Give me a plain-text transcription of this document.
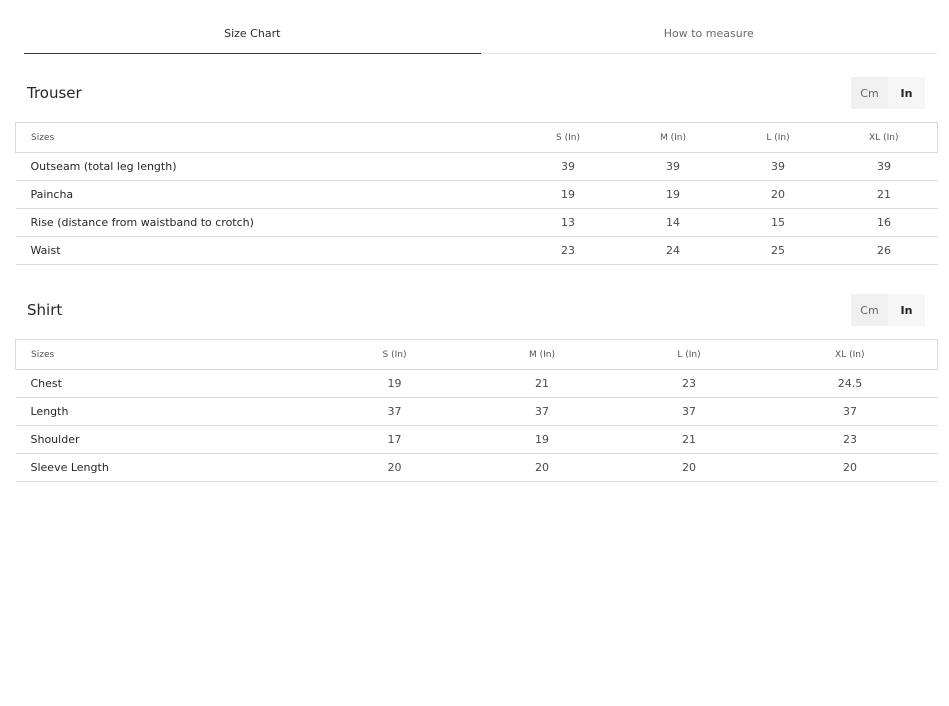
Size Chart	How to measure
Trouser	Cm	In
Sizes	S (In)	M (In)	L (In)	XL (In)
Outseam (total leg length)	39	39	39	39
Paincha	19	19	20	21
Rise (distance from waistband to crotch)	13	14	15	16
Waist	23	24	25	26
Shirt	Cm	In
Sizes	S (In)	M (In)	L (In)	XL (In)
Chest	19	21	23	24.5
Length	37	37	37	37
Shoulder	17	19	21	23
Sleeve Length	20	20	20	20
